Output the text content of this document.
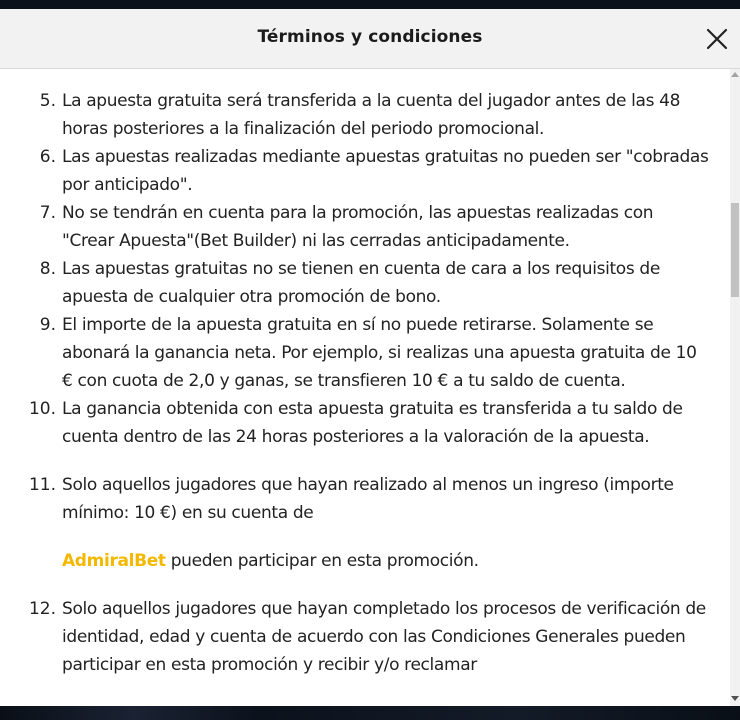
Términos y condiciones
5. La apuesta gratuita será transferida a la cuenta del jugador antes de las 48 horas posteriores a la finalización del periodo promocional.
6. Las apuestas realizadas mediante apuestas gratuitas no pueden ser "cobradas por anticipado".
7. No se tendrán en cuenta para la promoción, las apuestas realizadas con "Crear Apuesta"(Bet Builder) ni las cerradas anticipadamente.
8. Las apuestas gratuitas no se tienen en cuenta de cara a los requisitos de apuesta de cualquier otra promoción de bono.
9. El importe de la apuesta gratuita en sí no puede retirarse. Solamente se abonará la ganancia neta. Por ejemplo, si realizas una apuesta gratuita de 10 € con cuota de 2,0 y ganas, se transfieren 10 € a tu saldo de cuenta.
10. La ganancia obtenida con esta apuesta gratuita es transferida a tu saldo de cuenta dentro de las 24 horas posteriores a la valoración de la apuesta.
11. Solo aquellos jugadores que hayan realizado al menos un ingreso (importe mínimo: 10 €) en su cuenta de
AdmiralBet pueden participar en esta promoción.
12. Solo aquellos jugadores que hayan completado los procesos de verificación de identidad, edad y cuenta de acuerdo con las Condiciones Generales pueden participar en esta promoción y recibir y/o reclamar
